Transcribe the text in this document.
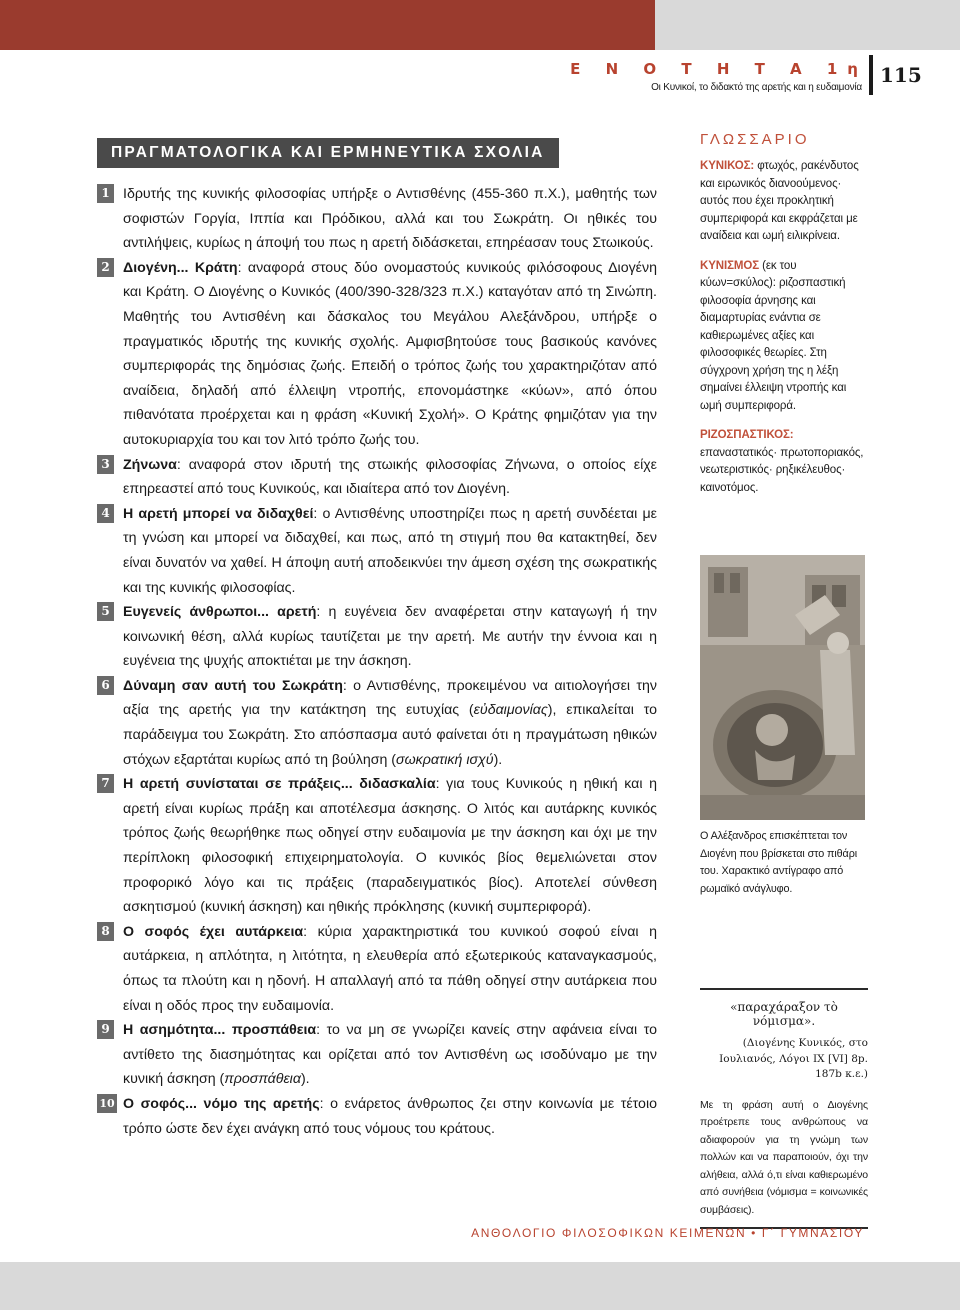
Ε Ν Ο Τ Η Τ Α 1η
Οι Κυνικοί, το διδακτό της αρετής και η ευδαιμονία
115
ΠΡΑΓΜΑΤΟΛΟΓΙΚΑ ΚΑΙ ΕΡΜΗΝΕΥΤΙΚΑ ΣΧΟΛΙΑ
1 Ιδρυτής της κυνικής φιλοσοφίας υπήρξε ο Αντισθένης (455-360 π.Χ.), μαθητής των σοφιστών Γοργία, Ιππία και Πρόδικου, αλλά και του Σωκράτη. Οι ηθικές του αντιλήψεις, κυρίως η άποψή του πως η αρετή διδάσκεται, επηρέασαν τους Στωικούς.
2 Διογένη... Κράτη: αναφορά στους δύο ονομαστούς κυνικούς φιλόσοφους Διογένη και Κράτη. Ο Διογένης ο Κυνικός (400/390-328/323 π.Χ.) καταγόταν από τη Σινώπη. Μαθητής του Αντισθένη και δάσκαλος του Μεγάλου Αλεξάνδρου, υπήρξε ο πραγματικός ιδρυτής της κυνικής σχολής. Αμφισβητούσε τους βασικούς κανόνες συμπεριφοράς της δημόσιας ζωής. Επειδή ο τρόπος ζωής του χαρακτηριζόταν από αναίδεια, δηλαδή από έλλειψη ντροπής, επονομάστηκε «κύων», από όπου πιθανότατα προέρχεται και η φράση «Κυνική Σχολή». Ο Κράτης φημιζόταν για την αυτοκυριαρχία του και τον λιτό τρόπο ζωής του.
3 Ζήνωνα: αναφορά στον ιδρυτή της στωικής φιλοσοφίας Ζήνωνα, ο οποίος είχε επηρεαστεί από τους Κυνικούς, και ιδιαίτερα από τον Διογένη.
4 Η αρετή μπορεί να διδαχθεί: ο Αντισθένης υποστηρίζει πως η αρετή συνδέεται με τη γνώση και μπορεί να διδαχθεί, και πως, από τη στιγμή που θα κατακτηθεί, δεν είναι δυνατόν να χαθεί. Η άποψη αυτή αποδεικνύει την άμεση σχέση της σωκρατικής και της κυνικής φιλοσοφίας.
5 Ευγενείς άνθρωποι... αρετή: η ευγένεια δεν αναφέρεται στην καταγωγή ή την κοινωνική θέση, αλλά κυρίως ταυτίζεται με την αρετή. Με αυτήν την έννοια και η ευγένεια της ψυχής αποκτιέται με την άσκηση.
6 Δύναμη σαν αυτή του Σωκράτη: ο Αντισθένης, προκειμένου να αιτιολογήσει την αξία της αρετής για την κατάκτηση της ευτυχίας (εὐδαιμονίας), επικαλείται το παράδειγμα του Σωκράτη. Στο απόσπασμα αυτό φαίνεται ότι η πραγμάτωση ηθικών στόχων εξαρτάται κυρίως από τη βούληση (σωκρατική ισχύ).
7 Η αρετή συνίσταται σε πράξεις... διδασκαλία: για τους Κυνικούς η ηθική και η αρετή είναι κυρίως πράξη και αποτέλεσμα άσκησης. Ο λιτός και αυτάρκης κυνικός τρόπος ζωής θεωρήθηκε πως οδηγεί στην ευδαιμονία με την άσκηση και όχι με την περίπλοκη φιλοσοφική επιχειρηματολογία. Ο κυνικός βίος θεμελιώνεται στον προφορικό λόγο και τις πράξεις (παραδειγματικός βίος). Αποτελεί σύνθεση ασκητισμού (κυνική άσκηση) και ηθικής πρόκλησης (κυνική συμπεριφορά).
8 Ο σοφός έχει αυτάρκεια: κύρια χαρακτηριστικά του κυνικού σοφού είναι η αυτάρκεια, η απλότητα, η λιτότητα, η ελευθερία από εξωτερικούς καταναγκασμούς, όπως τα πλούτη και η ηδονή. Η απαλλαγή από τα πάθη οδηγεί στην αυτάρκεια που είναι η οδός προς την ευδαιμονία.
9 Η ασημότητα... προσπάθεια: το να μη σε γνωρίζει κανείς στην αφάνεια είναι το αντίθετο της διασημότητας και ορίζεται από τον Αντισθένη ως ισοδύναμο με την κυνική άσκηση (προσπάθεια).
10 Ο σοφός... νόμο της αρετής: ο ενάρετος άνθρωπος ζει στην κοινωνία με τέτοιο τρόπο ώστε δεν έχει ανάγκη από τους νόμους του κράτους.
ΓΛΩΣΣΑΡΙΟ
ΚΥΝΙΚΟΣ: φτωχός, ρακένδυτος και ειρωνικός διανοούμενος· αυτός που έχει προκλητική συμπεριφορά και εκφράζεται με αναίδεια και ωμή ειλικρίνεια.
ΚΥΝΙΣΜΟΣ (εκ του κύων=σκύλος): ριζοσπαστική φιλοσοφία άρνησης και διαμαρτυρίας ενάντια σε καθιερωμένες αξίες και φιλοσοφικές θεωρίες. Στη σύγχρονη χρήση της η λέξη σημαίνει έλλειψη ντροπής και ωμή συμπεριφορά.
ΡΙΖΟΣΠΑΣΤΙΚΟΣ: επαναστατικός· πρωτοποριακός, νεωτεριστικός· ρηξικέλευθος· καινοτόμος.
Ο Αλέξανδρος επισκέπτεται τον Διογένη που βρίσκεται στο πιθάρι του. Χαρακτικό αντίγραφο από ρωμαϊκό ανάγλυφο.
«παραχάραξον τὸ νόμισμα».
(Διογένης Κυνικός, στο Ιουλιανός, Λόγοι IX [VI] 8p. 187b κ.ε.)
Με τη φράση αυτή ο Διογένης προέτρεπε τους ανθρώπους να αδιαφορούν για τη γνώμη των πολλών και να παραποιούν, όχι την αλήθεια, αλλά ό,τι είναι καθιερωμένο από συνήθεια (νόμισμα = κοινωνικές συμβάσεις).
ΑΝΘΟΛΟΓΙΟ ΦΙΛΟΣΟΦΙΚΩΝ ΚΕΙΜΕΝΩΝ • Γ΄ ΓΥΜΝΑΣΙΟΥ
